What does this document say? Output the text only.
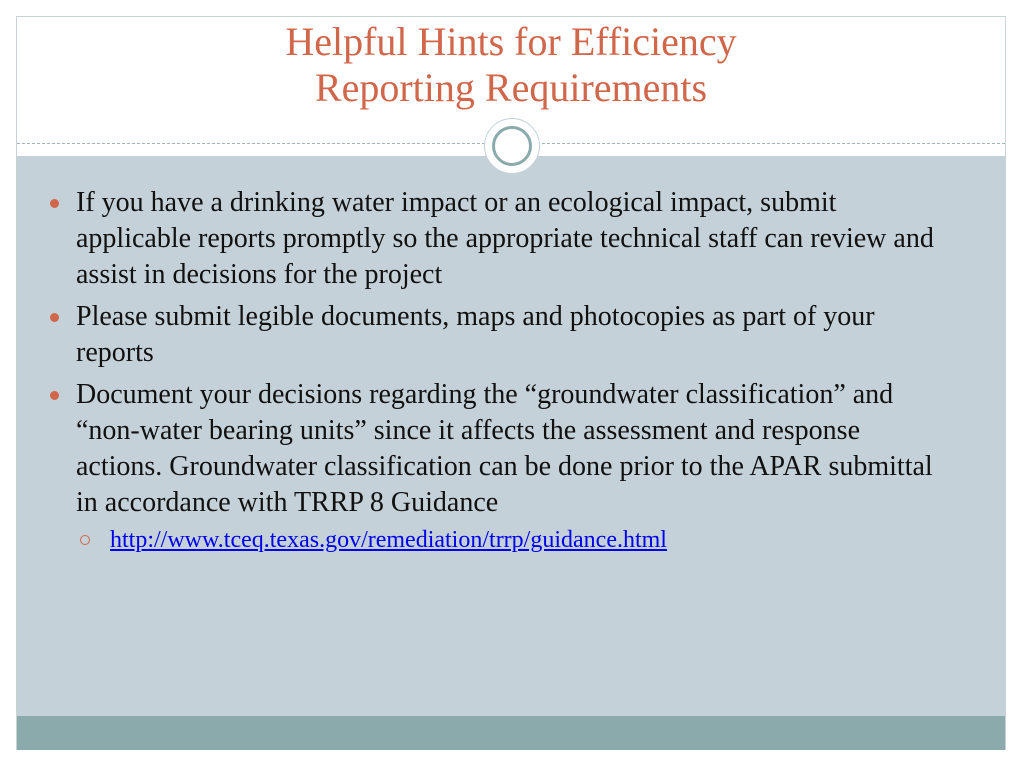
Helpful Hints for Efficiency
Reporting Requirements
If you have a drinking water impact or an ecological impact, submit applicable reports promptly so the appropriate technical staff can review and assist in decisions for the project
Please submit legible documents, maps and photocopies as part of your reports
Document your decisions regarding the “groundwater classification” and “non-water bearing units” since it affects the assessment and response actions. Groundwater classification can be done prior to the APAR submittal in accordance with TRRP 8 Guidance
http://www.tceq.texas.gov/remediation/trrp/guidance.html
